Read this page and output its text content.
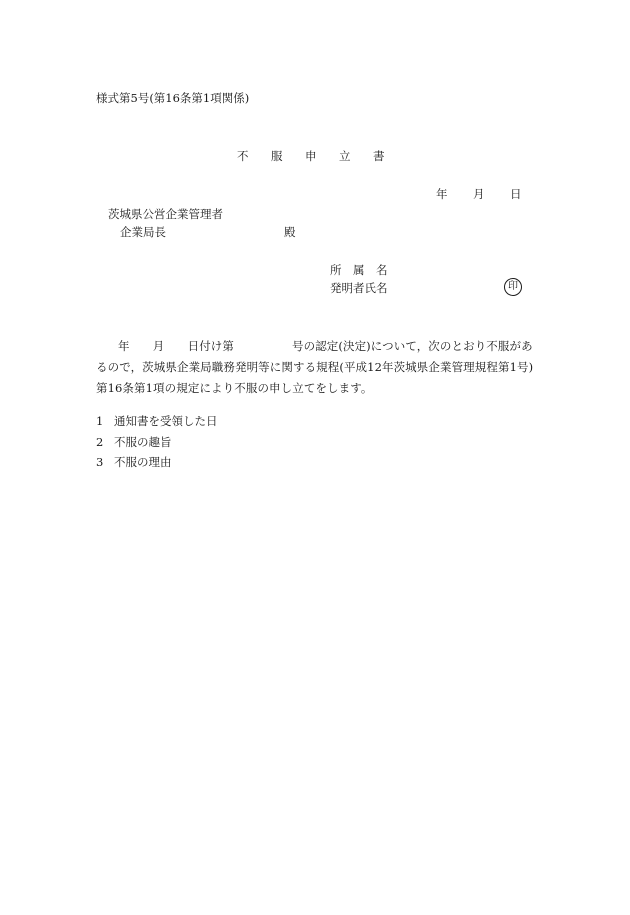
様式第5号(第16条第1項関係)
不 服 申 立 書
年 月 日
茨城県公営企業管理者
企業局長	殿
所　属　名
発明者氏名	印
年　　月　　日付け第　　　　　号の認定(決定)について，次のとおり不服があるので，茨城県企業局職務発明等に関する規程(平成12年茨城県企業管理規程第1号)第16条第1項の規定により不服の申し立てをします。
1 通知書を受領した日
2 不服の趣旨
3 不服の理由
